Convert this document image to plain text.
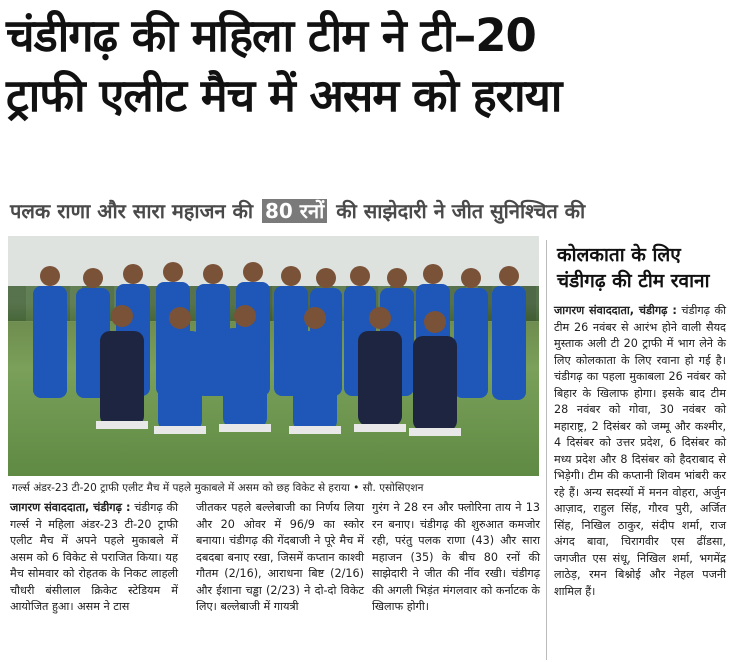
चंडीगढ़ की महिला टीम ने टी–20
ट्राफी एलीट मैच में असम को हराया
पलक राणा और सारा महाजन की 80 रनों की साझेदारी ने जीत सुनिश्चित की
गर्ल्स अंडर-23 टी-20 ट्राफी एलीट मैच में पहले मुकाबले में असम को छह विकेट से हराया • सौ. एसोसिएशन
जागरण संवाददाता, चंडीगढ़ : चंडीगढ़ की गर्ल्स ने महिला अंडर-23 टी-20 ट्राफी एलीट मैच में अपने पहले मुकाबले में असम को 6 विकेट से पराजित किया। यह मैच सोमवार को रोहतक के निकट लाहली चौधरी बंसीलाल क्रिकेट स्टेडियम में आयोजित हुआ। असम ने टास
जीतकर पहले बल्लेबाजी का निर्णय लिया और 20 ओवर में 96/9 का स्कोर बनाया। चंडीगढ़ की गेंदबाजी ने पूरे मैच में दबदबा बनाए रखा, जिसमें कप्तान काश्वी गौतम (2/16), आराधना बिष्ट (2/16) और ईशाना चड्ढा (2/23) ने दो-दो विकेट लिए। बल्लेबाजी में गायत्री
गुरंग ने 28 रन और फ्लोरिना ताय ने 13 रन बनाए। चंडीगढ़ की शुरुआत कमजोर रही, परंतु पलक राणा (43) और सारा महाजन (35) के बीच 80 रनों की साझेदारी ने जीत की नींव रखी। चंडीगढ़ की अगली भिड़ंत मंगलवार को कर्नाटक के खिलाफ होगी।
कोलकाता के लिए
चंडीगढ़ की टीम रवाना
जागरण संवाददाता, चंडीगढ़ : चंडीगढ़ की टीम 26 नवंबर से आरंभ होने वाली सैयद मुस्ताक अली टी 20 ट्राफी में भाग लेने के लिए कोलकाता के लिए रवाना हो गई है। चंडीगढ़ का पहला मुकाबला 26 नवंबर को बिहार के खिलाफ होगा। इसके बाद टीम 28 नवंबर को गोवा, 30 नवंबर को महाराष्ट्र, 2 दिसंबर को जम्मू और कश्मीर, 4 दिसंबर को उत्तर प्रदेश, 6 दिसंबर को मध्य प्रदेश और 8 दिसंबर को हैदराबाद से भिड़ेगी। टीम की कप्तानी शिवम भांबरी कर रहे हैं। अन्य सदस्यों में मनन वोहरा, अर्जुन आज़ाद, राहुल सिंह, गौरव पुरी, अर्जित सिंह, निखिल ठाकुर, संदीप शर्मा, राज अंगद बावा, चिरागवीर एस ढींडसा, जगजीत एस संधू, निखिल शर्मा, भगमेंद्र लाठेड़, रमन बिश्नोई और नेहल पजनी शामिल हैं।
